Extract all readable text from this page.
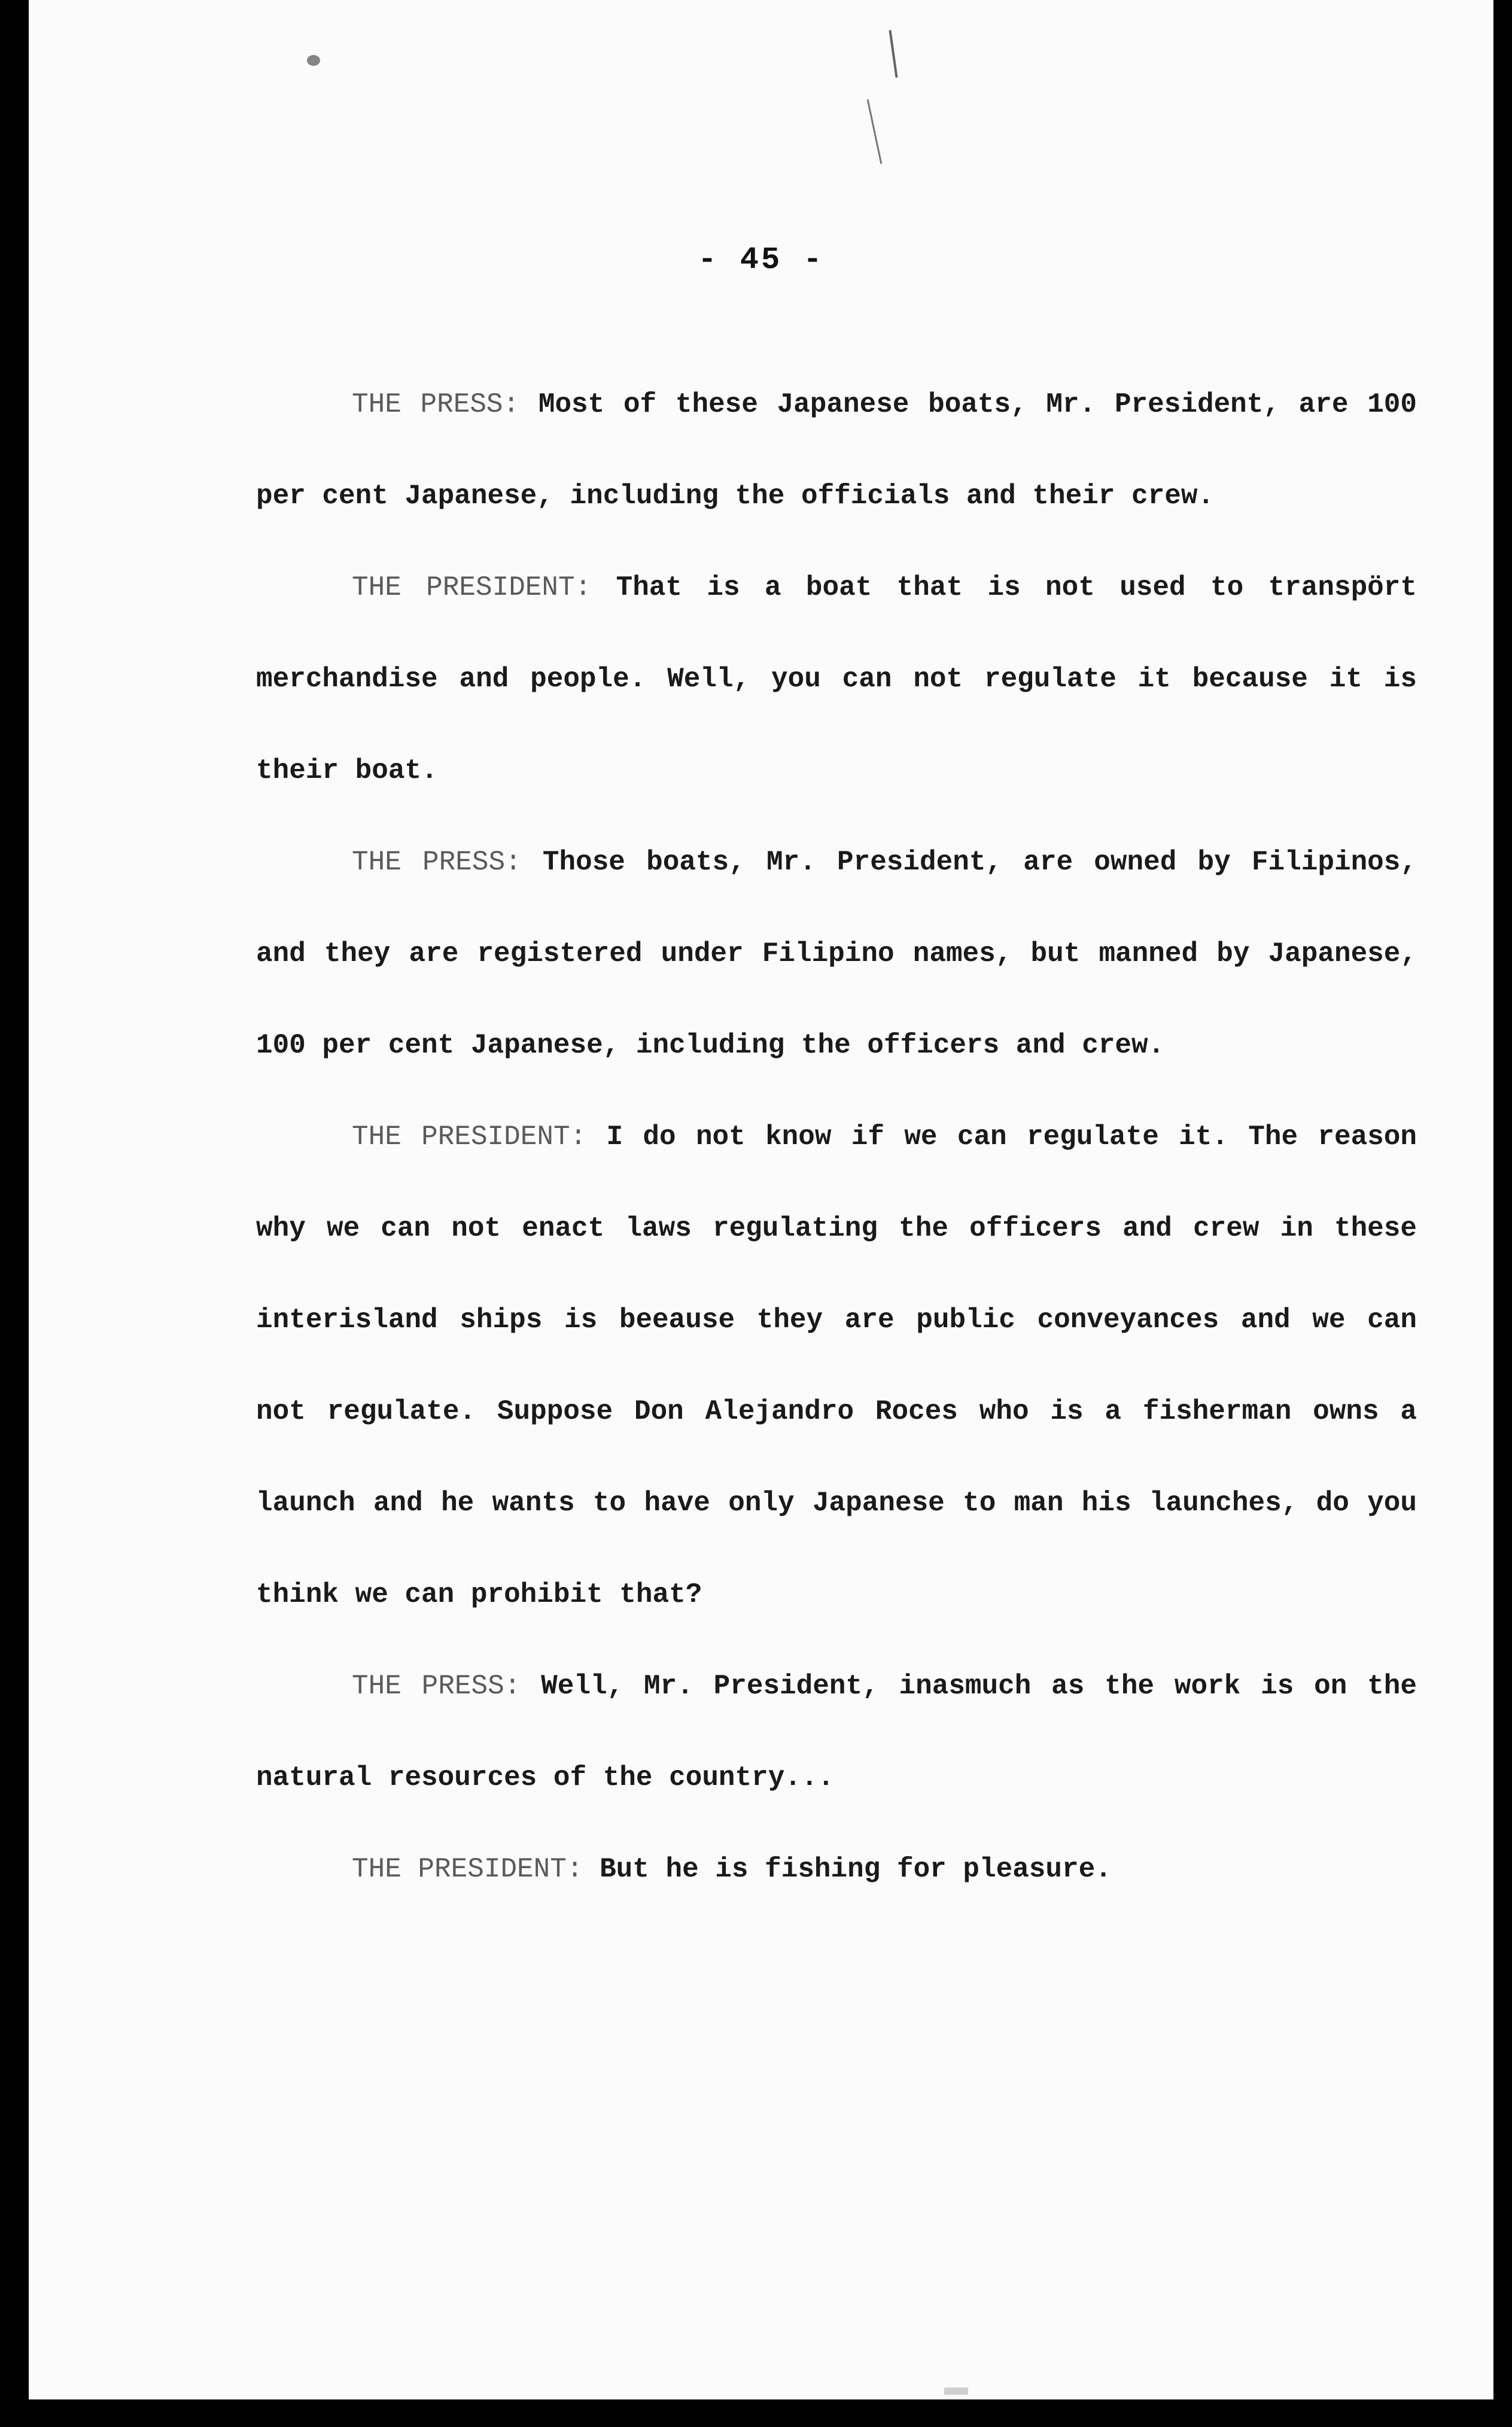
- 45 -

THE PRESS: Most of these Japanese boats, Mr. President, are 100 per cent Japanese, including the officials and their crew.

THE PRESIDENT: That is a boat that is not used to transpört merchandise and people. Well, you can not regulate it because it is their boat.

THE PRESS: Those boats, Mr. President, are owned by Filipinos, and they are registered under Filipino names, but manned by Japanese, 100 per cent Japanese, including the officers and crew.

THE PRESIDENT: I do not know if we can regulate it. The reason why we can not enact laws regulating the officers and crew in these interisland ships is beeause they are public conveyances and we can not regulate. Suppose Don Alejandro Roces who is a fisherman owns a launch and he wants to have only Japanese to man his launches, do you think we can prohibit that?

THE PRESS: Well, Mr. President, inasmuch as the work is on the natural resources of the country...

THE PRESIDENT: But he is fishing for pleasure.
